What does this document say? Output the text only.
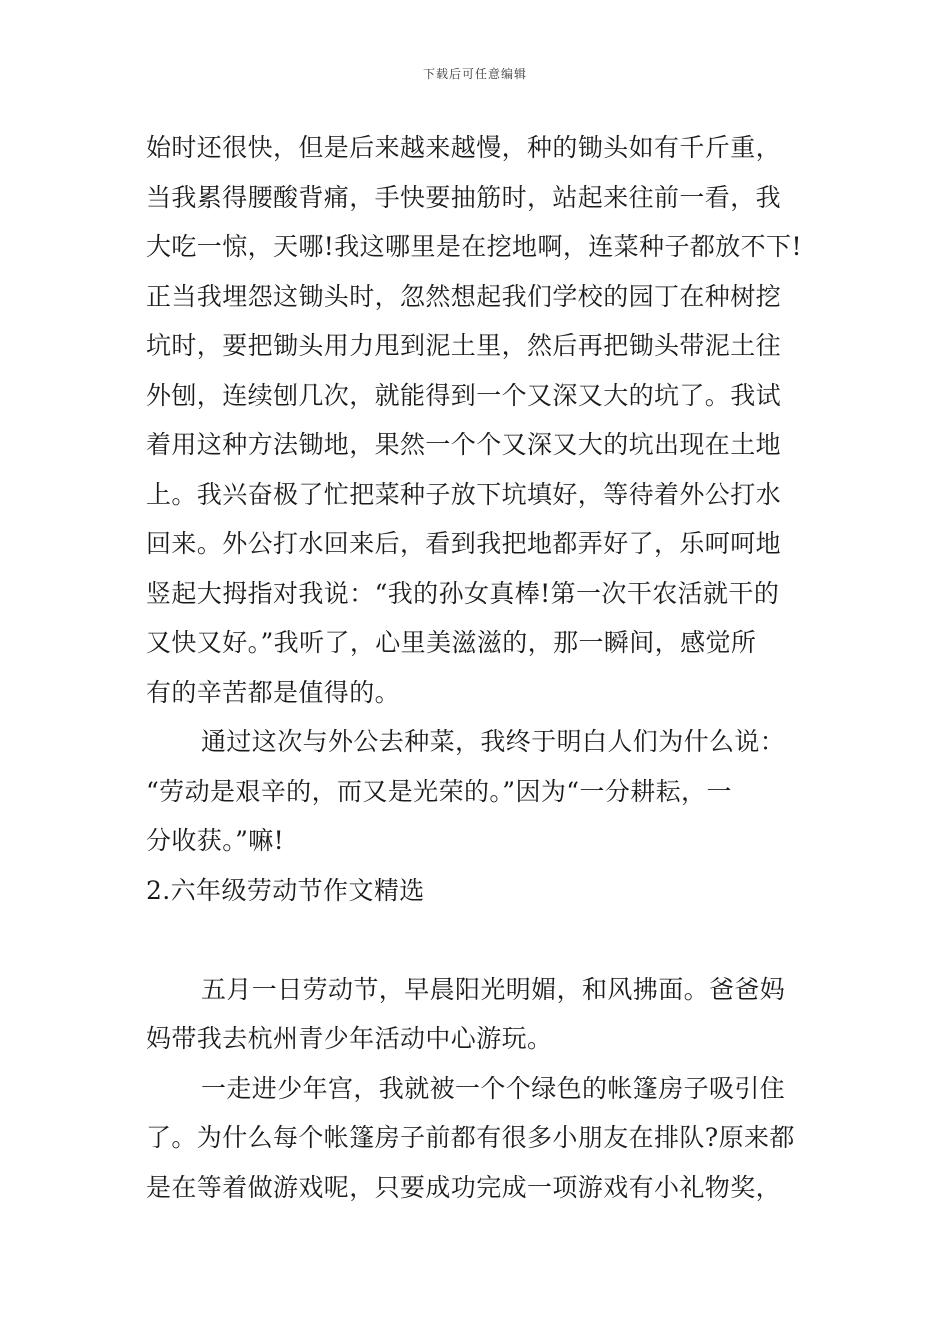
下载后可任意编辑
始时还很快，但是后来越来越慢，种的锄头如有千斤重，
当我累得腰酸背痛，手快要抽筋时，站起来往前一看，我
大吃一惊，天哪!我这哪里是在挖地啊，连菜种子都放不下!
正当我埋怨这锄头时，忽然想起我们学校的园丁在种树挖
坑时，要把锄头用力甩到泥土里，然后再把锄头带泥土往
外刨，连续刨几次，就能得到一个又深又大的坑了。我试
着用这种方法锄地，果然一个个又深又大的坑出现在土地
上。我兴奋极了忙把菜种子放下坑填好，等待着外公打水
回来。外公打水回来后，看到我把地都弄好了，乐呵呵地
竖起大拇指对我说：“我的孙女真棒!第一次干农活就干的
又快又好。”我听了，心里美滋滋的，那一瞬间，感觉所
有的辛苦都是值得的。
通过这次与外公去种菜，我终于明白人们为什么说：
“劳动是艰辛的，而又是光荣的。”因为“一分耕耘，一
分收获。”嘛!
2.六年级劳动节作文精选
五月一日劳动节，早晨阳光明媚，和风拂面。爸爸妈
妈带我去杭州青少年活动中心游玩。
一走进少年宫，我就被一个个绿色的帐篷房子吸引住
了。为什么每个帐篷房子前都有很多小朋友在排队?原来都
是在等着做游戏呢，只要成功完成一项游戏有小礼物奖，
